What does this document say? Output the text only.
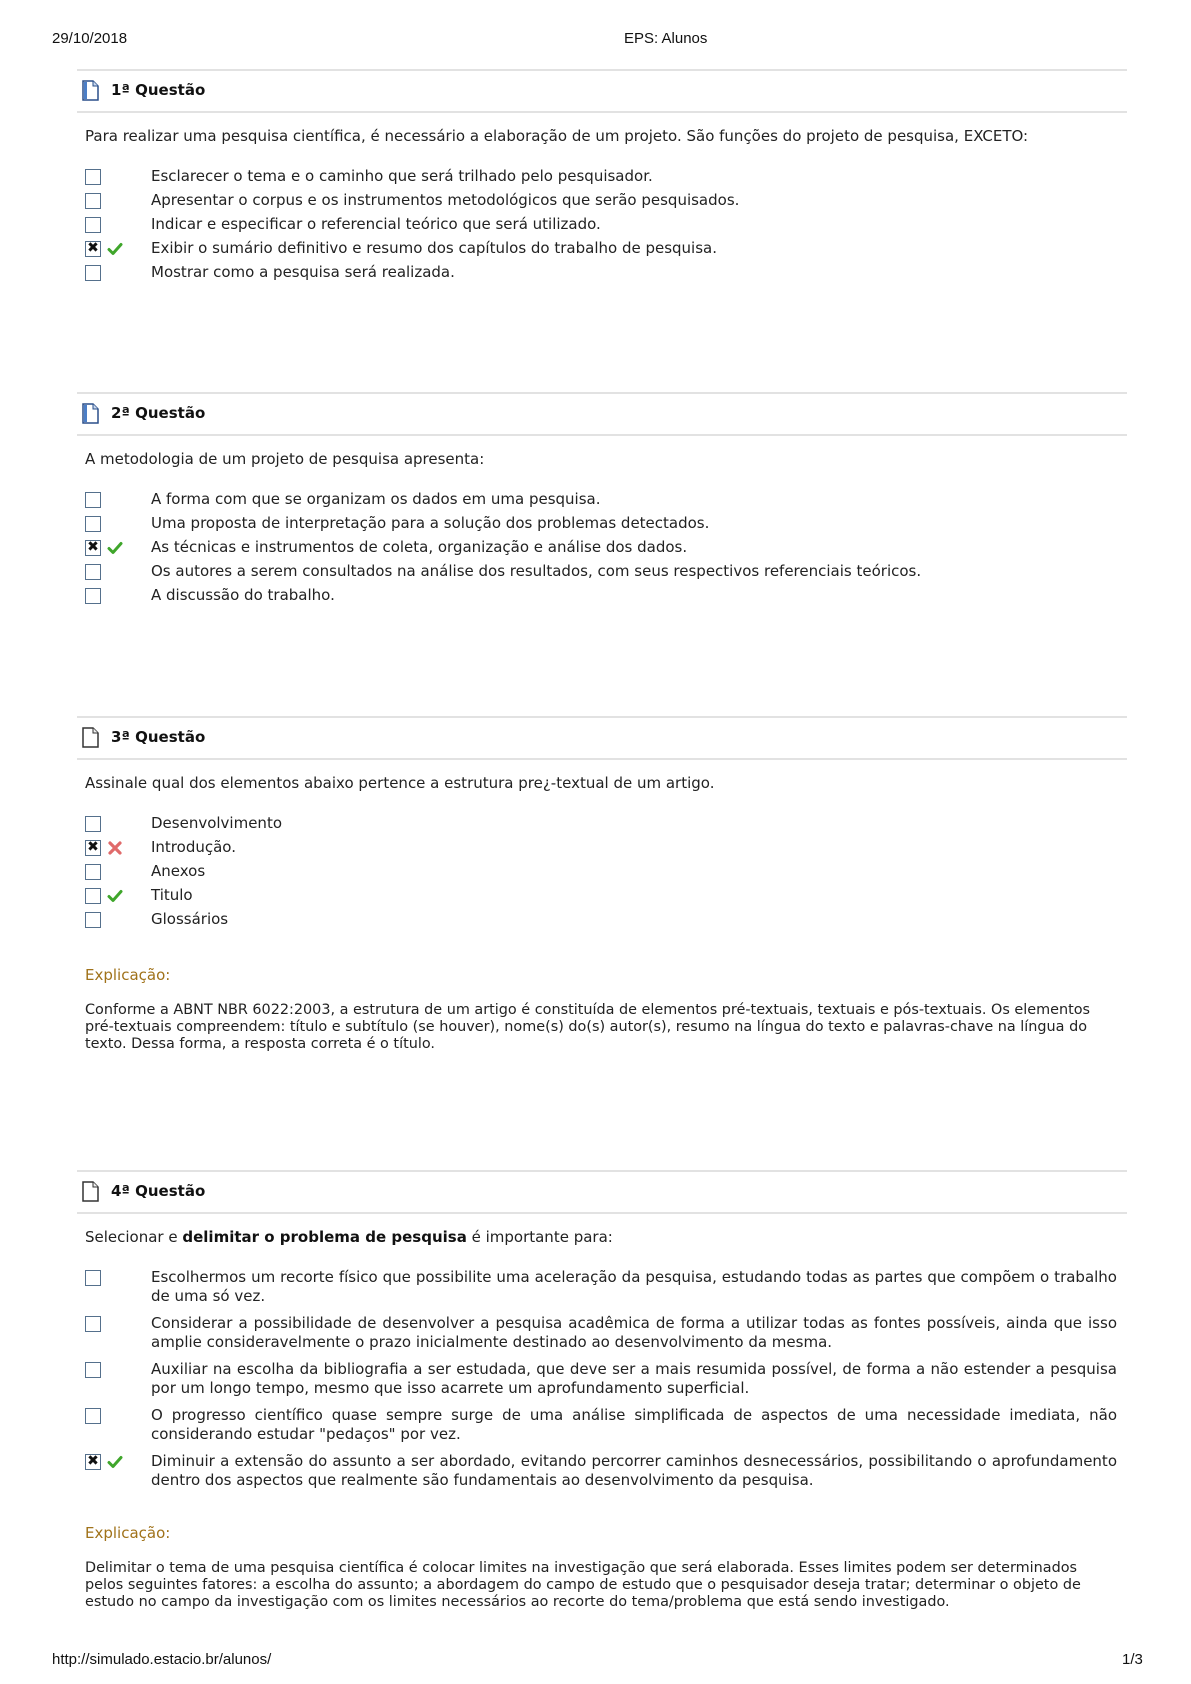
29/10/2018	EPS: Alunos
1ª Questão
Para realizar uma pesquisa científica, é necessário a elaboração de um projeto. São funções do projeto de pesquisa, EXCETO:
Esclarecer o tema e o caminho que será trilhado pelo pesquisador.
Apresentar o corpus e os instrumentos metodológicos que serão pesquisados.
Indicar e especificar o referencial teórico que será utilizado.
✖	Exibir o sumário definitivo e resumo dos capítulos do trabalho de pesquisa.
Mostrar como a pesquisa será realizada.
2ª Questão
A metodologia de um projeto de pesquisa apresenta:
A forma com que se organizam os dados em uma pesquisa.
Uma proposta de interpretação para a solução dos problemas detectados.
✖	As técnicas e instrumentos de coleta, organização e análise dos dados.
Os autores a serem consultados na análise dos resultados, com seus respectivos referenciais teóricos.
A discussão do trabalho.
3ª Questão
Assinale qual dos elementos abaixo pertence a estrutura pre¿-textual de um artigo.
Desenvolvimento
✖	Introdução.
Anexos
Titulo
Glossários
Explicação:
Conforme a ABNT NBR 6022:2003, a estrutura de um artigo é constituída de elementos pré-textuais, textuais e pós-textuais. Os elementos pré-textuais compreendem: título e subtítulo (se houver), nome(s) do(s) autor(s), resumo na língua do texto e palavras-chave na língua do texto. Dessa forma, a resposta correta é o título.
4ª Questão
Selecionar e delimitar o problema de pesquisa é importante para:
Escolhermos um recorte físico que possibilite uma aceleração da pesquisa, estudando todas as partes que compõem o trabalho de uma só vez.
Considerar a possibilidade de desenvolver a pesquisa acadêmica de forma a utilizar todas as fontes possíveis, ainda que isso amplie consideravelmente o prazo inicialmente destinado ao desenvolvimento da mesma.
Auxiliar na escolha da bibliografia a ser estudada, que deve ser a mais resumida possível, de forma a não estender a pesquisa por um longo tempo, mesmo que isso acarrete um aprofundamento superficial.
O progresso científico quase sempre surge de uma análise simplificada de aspectos de uma necessidade imediata, não considerando estudar "pedaços" por vez.
✖	Diminuir a extensão do assunto a ser abordado, evitando percorrer caminhos desnecessários, possibilitando o aprofundamento dentro dos aspectos que realmente são fundamentais ao desenvolvimento da pesquisa.
Explicação:
Delimitar o tema de uma pesquisa científica é colocar limites na investigação que será elaborada. Esses limites podem ser determinados pelos seguintes fatores: a escolha do assunto; a abordagem do campo de estudo que o pesquisador deseja tratar; determinar o objeto de estudo no campo da investigação com os limites necessários ao recorte do tema/problema que está sendo investigado.
http://simulado.estacio.br/alunos/	1/3
